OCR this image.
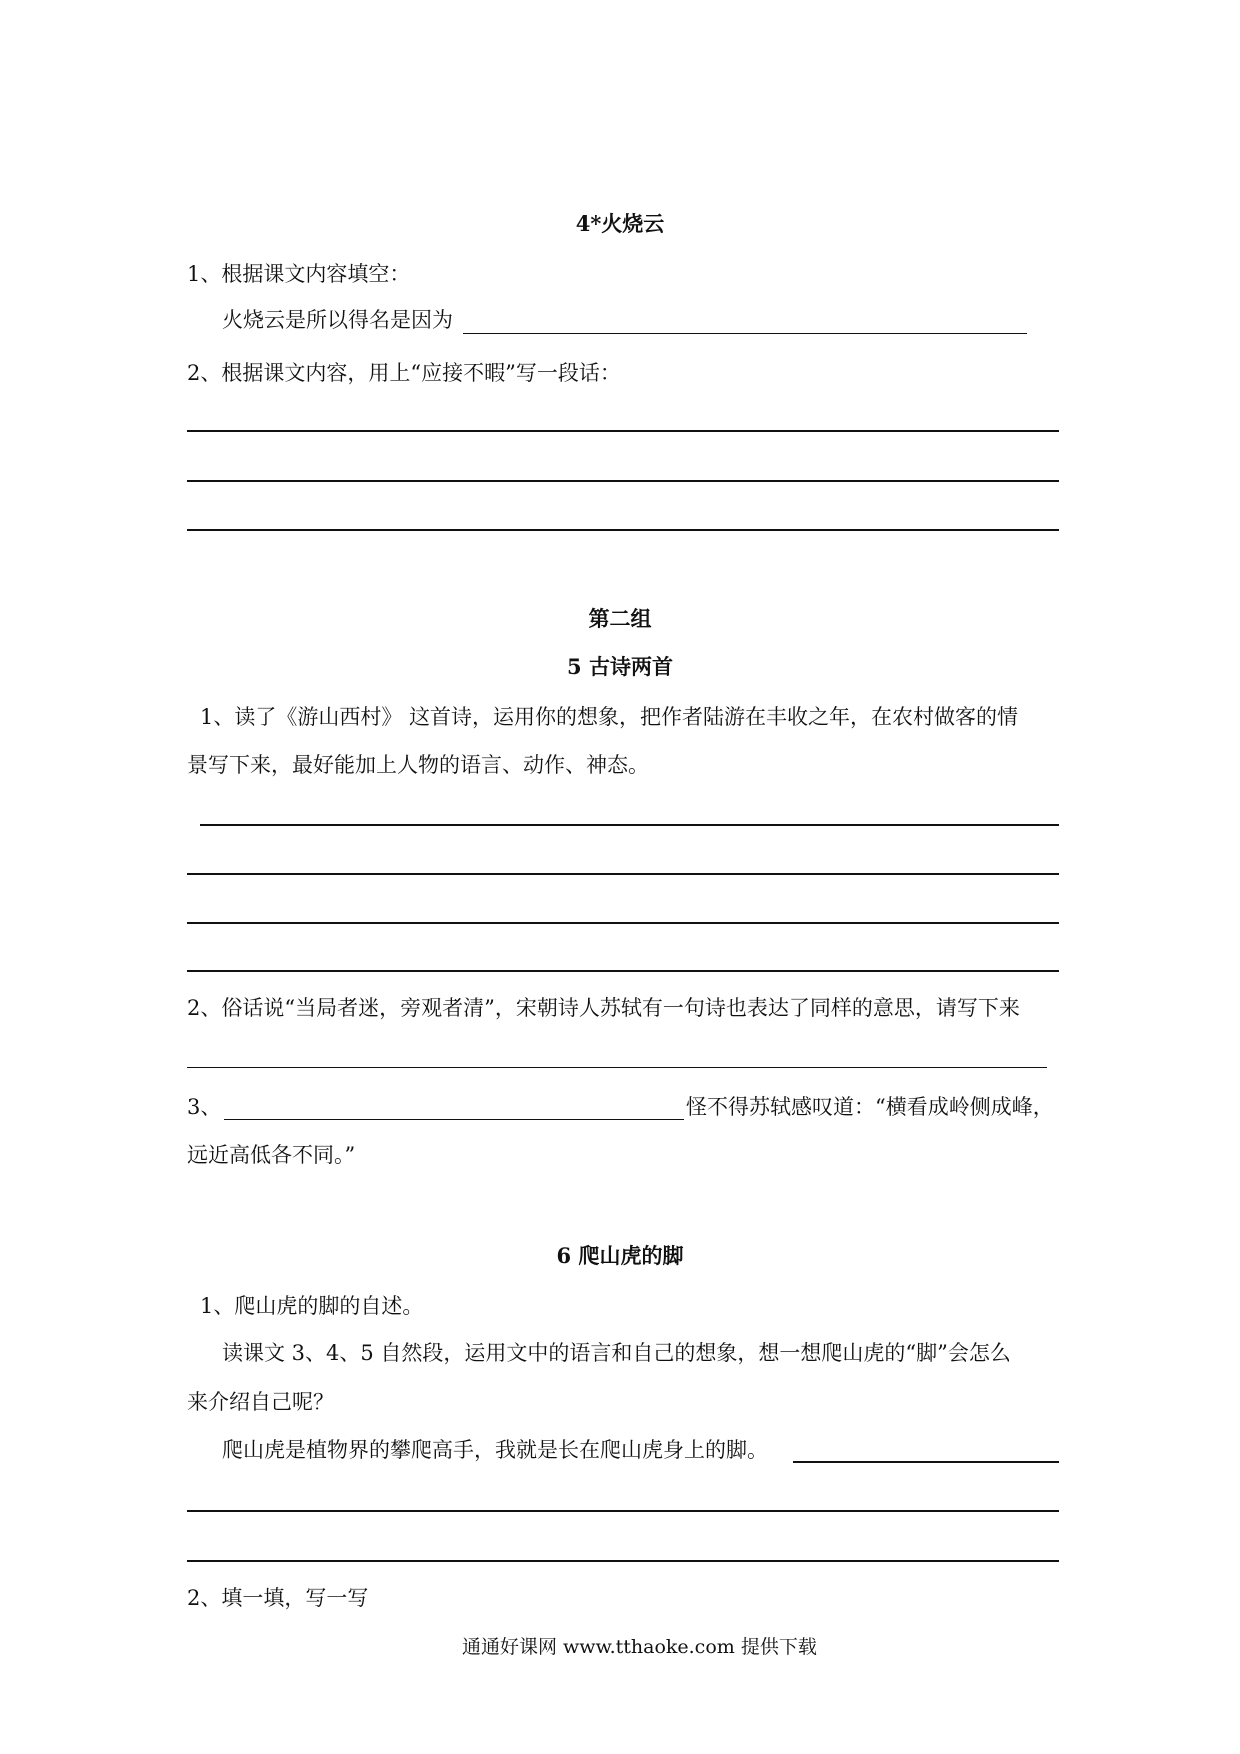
4*火烧云
1、根据课文内容填空：
火烧云是所以得名是因为
2、根据课文内容，用上“应接不暇”写一段话：
第二组
5 古诗两首
1、读了《游山西村》 这首诗，运用你的想象，把作者陆游在丰收之年，在农村做客的情
景写下来，最好能加上人物的语言、动作、神态。
2、俗话说“当局者迷，旁观者清”，宋朝诗人苏轼有一句诗也表达了同样的意思，请写下来
3、	怪不得苏轼感叹道：“横看成岭侧成峰，
远近高低各不同。”
6 爬山虎的脚
1、爬山虎的脚的自述。
读课文 3、4、5 自然段，运用文中的语言和自己的想象，想一想爬山虎的“脚”会怎么
来介绍自己呢？
爬山虎是植物界的攀爬高手，我就是长在爬山虎身上的脚。
2、填一填，写一写
通通好课网 www.tthaoke.com 提供下载
